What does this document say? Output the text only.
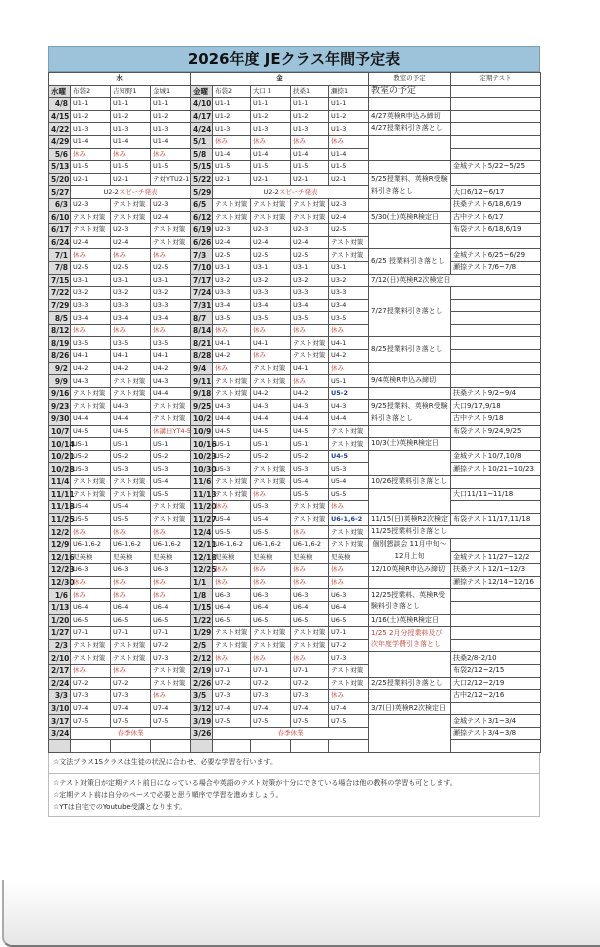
2026年度 JEクラス年間予定表
水				金					教室の予定	定期テスト
水曜	布袋2	吉知野1	金城1	金曜	布袋2	大口１	扶桑1	瀬捺1	教室の予定	
4/8	U1-1	U1-1	U1-1	4/10	U1-1	U1-1	U1-1	U1-1		
4/15	U1-2	U1-2	U1-2	4/17	U1-2	U1-2	U1-2	U1-2	4/27英検R申込み締切	
4/22	U1-3	U1-3	U1-3	4/24	U1-3	U1-3	U1-3	U1-3	4/27授業料引き落とし	
4/29	U1-4	U1-4	U1-4	5/1	休み	休み	休み	休み		
5/6	休み	休み	休み	5/8	U1-4	U1-4	U1-4	U1-4		
5/13	U1-5	U1-5	U1-5	5/15	U1-5	U1-5	U1-5	U1-5		金城テスト5/22~5/25
5/20	U2-1	U2-1	テ対YTU2-1	5/22	U2-1	U2-1	U2-1	U2-1	5/25授業料、英検R受験料引き落とし	
5/27	U2-2スピーチ発表			5/29	U2-2スピーチ発表					大口6/12~6/17
6/3	U2-3	テスト対策	U2-3	6/5	テスト対策	テスト対策	テスト対策	U2-3		扶桑テスト6/18,6/19
6/10	テスト対策	テスト対策	U2-4	6/12	テスト対策	テスト対策	テスト対策	U2-4	5/30(土)英検R検定日	古中テスト6/17
6/17	テスト対策	U2-3	テスト対策	6/19	U2-3	U2-3	U2-3	U2-5		布袋テスト6/18,6/19
6/24	U2-4	U2-4	テスト対策	6/26	U2-4	U2-4	U2-4	テスト対策		
7/1	休み	休み	休み	7/3	U2-5	U2-5	U2-5	テスト対策	6/25 授業料引き落とし	金城テスト6/25~6/29
7/8	U2-5	U2-5	U2-5	7/10	U3-1	U3-1	U3-1	U3-1		瀬捺テスト7/6~7/8
7/15	U3-1	U3-1	U3-1	7/17	U3-2	U3-2	U3-2	U3-2	7/12(日)英検R2次検定日	
7/22	U3-2	U3-2	U3-2	7/24	U3-3	U3-3	U3-3	U3-3	7/27授業料引き落とし	
7/29	U3-3	U3-3	U3-3	7/31	U3-4	U3-4	U3-4	U3-4		
8/5	U3-4	U3-4	U3-4	8/7	U3-5	U3-5	U3-5	U3-5		
8/12	休み	休み	休み	8/14	休み	休み	休み	休み		
8/19	U3-5	U3-5	U3-5	8/21	U4-1	U4-1	テスト対策	U4-1	8/25授業料引き落とし	
8/26	U4-1	U4-1	U4-1	8/28	U4-2	休み	テスト対策	U4-2		
9/2	U4-2	U4-2	U4-2	9/4	休み	テスト対策	U4-1	休み		
9/9	U4-3	テスト対策	U4-3	9/11	テスト対策	テスト対策	休み	U5-1	9/4英検R申込み締切	
9/16	テスト対策	テスト対策	U4-4	9/18	テスト対策	U4-2	U4-2	U5-2		扶桑テスト9/2~9/4
9/23	テスト対策	U4-3	テスト対策	9/25	U4-3	U4-3	U4-3	U4-3	9/25授業料、英検R受験料引き落とし	大口9/17,9/18
9/30	U4-4	U4-4	テスト対策	10/2	U4-4	U4-4	U4-4	U4-4		古中テスト9/18
10/7	U4-5	U4-5	休講日YT4-5	10/9	U4-5	U4-5	U4-5	テスト対策		布袋テスト9/24,9/25
10/14	U5-1	U5-1	U5-1	10/16	U5-1	U5-1	U5-1	テスト対策	10/3(土)英検R検定日	
10/21	U5-2	U5-2	U5-2	10/23	U5-2	U5-2	U5-2	U4-5		金城テスト10/7,10/8
10/28	U5-3	U5-3	U5-3	10/30	U5-3	テスト対策	U5-3	U5-3		瀬捺テスト10/21~10/23
11/4	テスト対策	テスト対策	U5-4	11/6	テスト対策	テスト対策	U5-4	U5-4	10/26授業料引き落とし	
11/11	テスト対策	テスト対策	U5-5	11/13	テスト対策	休み	U5-5	U5-5		大口11/11~11/18
11/18	U5-4	U5-4	テスト対策	11/20	休み	U5-3	テスト対策	休み		
11/25	U5-5	U5-5	テスト対策	11/27	U5-4	U5-4	テスト対策	U6-1,6-2	11/15(日)英検R2次検定	布袋テスト11/17,11/18
12/2	休み	休み	休み	12/4	U5-5	U5-5	休み	テスト対策	11/25授業料引き落とし	
12/9	U6-1,6-2	U6-1,6-2	U6-1,6-2	12/11	U6-1,6-2	U6-1,6-2	U6-1,6-2	テスト対策	個別懇談会 11月中旬〜12月上旬	
12/16	児英検	児英検	児英検	12/18	児英検	児英検	児英検	児英検		金城テスト11/27~12/2
12/23	U6-3	U6-3	U6-3	12/25	休み	休み	休み	休み	12/10英検R申込み締切	扶桑テスト12/1~12/3
12/30	休み	休み	休み	1/1	休み	休み	休み	休み		瀬捺テスト12/14~12/16
1/6	休み	休み	休み	1/8	U6-3	U6-3	U6-3	U6-3	12/25授業料、英検R受験料引き落とし	
1/13	U6-4	U6-4	U6-4	1/15	U6-4	U6-4	U6-4	U6-4		
1/20	U6-5	U6-5	U6-5	1/22	U6-5	U6-5	U6-5	U6-5	1/16(土)英検R検定日	
1/27	U7-1	U7-1	U7-1	1/29	テスト対策	テスト対策	テスト対策	U7-1	1/25 2月分授業料及び次年度学費引き落とし	
2/3	テスト対策	テスト対策	U7-2	2/5	テスト対策	テスト対策	テスト対策	U7-2		
2/10	テスト対策	テスト対策	U7-3	2/12	休み	休み	休み	U7-3		扶桑2/8-2/10
2/17	休み	休み	テスト対策	2/19	U7-1	U7-1	U7-1	テスト対策		布袋2/12~2/15
2/24	U7-2	U7-2	テスト対策	2/26	U7-2	U7-2	U7-2	テスト対策	2/25授業料引き落とし	大口2/12~2/19
3/3	U7-3	U7-3	休み	3/5	U7-3	U7-3	U7-3	休み		古中2/12~2/16
3/10	U7-4	U7-4	U7-4	3/12	U7-4	U7-4	U7-4	U7-4	3/7(日)英検R2次検定日	
3/17	U7-5	U7-5	U7-5	3/19	U7-5	U7-5	U7-5	U7-5		金城テスト3/1~3/4
3/24	春季休業			3/26	春季休業					瀬捺テスト3/4~3/8

☆文法プラス1Sクラスは生徒の状況に合わせ、必要な学習を行います。
☆テスト対策日が定期テスト前日になっている場合や英語のテスト対策が十分にできている場合は他の教科の学習も可とします。
☆定期テスト前は自分のペースで必要と思う順序で学習を進めましょう。
☆YTは自宅でのYoutube受講となります。
